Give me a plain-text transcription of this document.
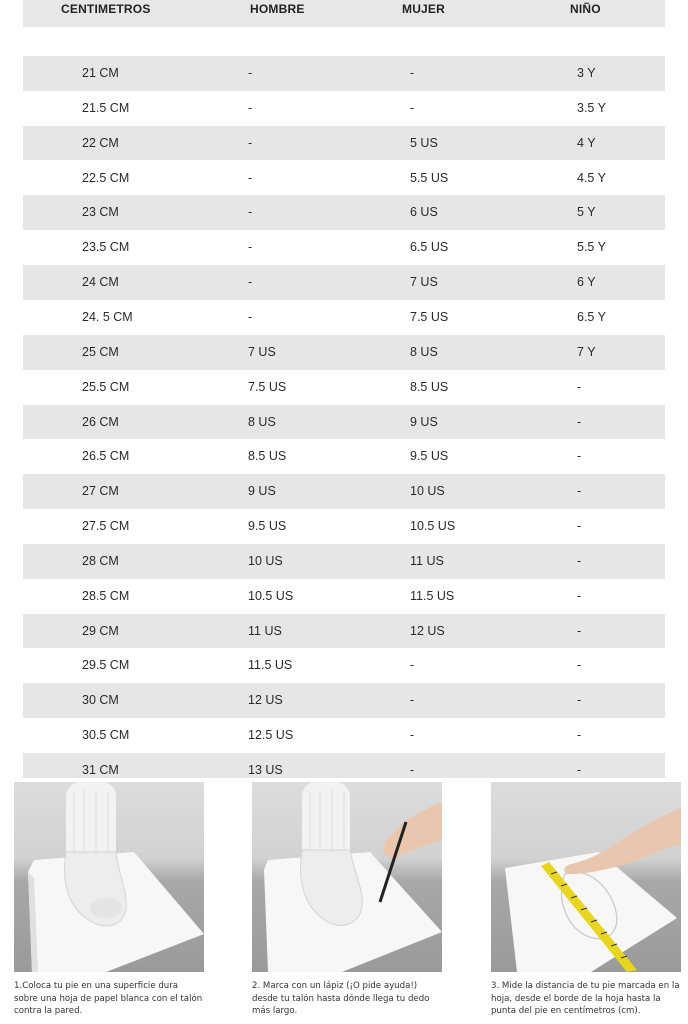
CENTIMETROS	HOMBRE	MUJER	NIÑO
21 CM	-	-	3 Y
21.5 CM	-	-	3.5 Y
22 CM	-	5 US	4 Y
22.5 CM	-	5.5 US	4.5 Y
23 CM	-	6 US	5 Y
23.5 CM	-	6.5 US	5.5 Y
24 CM	-	7 US	6 Y
24. 5 CM	-	7.5 US	6.5 Y
25 CM	7 US	8 US	7 Y
25.5 CM	7.5 US	8.5 US	-
26 CM	8 US	9 US	-
26.5 CM	8.5 US	9.5 US	-
27 CM	9 US	10 US	-
27.5 CM	9.5 US	10.5 US	-
28 CM	10 US	11 US	-
28.5 CM	10.5 US	11.5 US	-
29 CM	11 US	12 US	-
29.5 CM	11.5 US	-	-
30 CM	12 US	-	-
30.5 CM	12.5 US	-	-
31 CM	13 US	-	-
1.Coloca tu pie en una superficie dura sobre una hoja de papel blanca con el talón contra la pared.
2. Marca con un lápiz (¡O pide ayuda!) desde tu talón hasta dónde llega tu dedo más largo.
3. Mide la distancia de tu pie marcada en la hoja, desde el borde de la hoja hasta la punta del pie en centímetros (cm).
